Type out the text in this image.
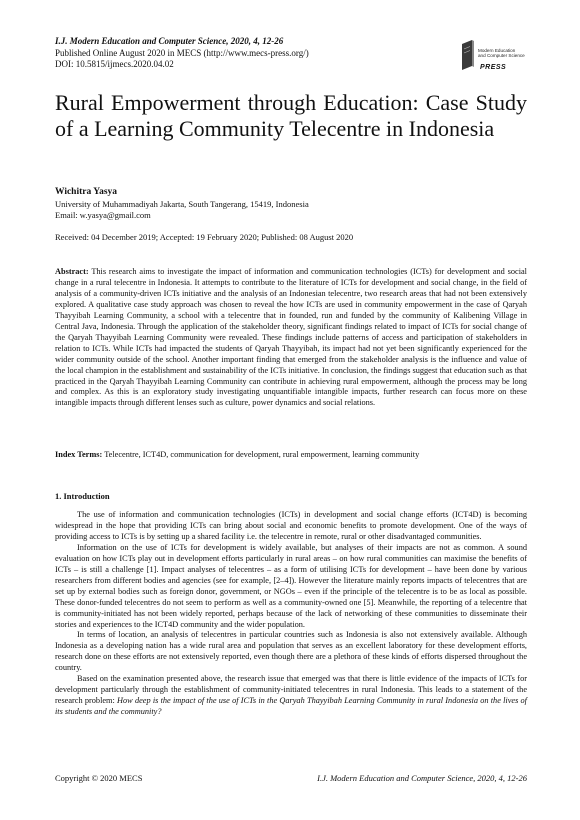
I.J. Modern Education and Computer Science, 2020, 4, 12-26
Published Online August 2020 in MECS (http://www.mecs-press.org/)
DOI: 10.5815/ijmecs.2020.04.02
Modern Education
and Computer Science
PRESS
Rural Empowerment through Education: Case Study of a Learning Community Telecentre in Indonesia
Wichitra Yasya
University of Muhammadiyah Jakarta, South Tangerang, 15419, Indonesia
Email: w.yasya@gmail.com
Received: 04 December 2019; Accepted: 19 February 2020; Published: 08 August 2020
Abstract: This research aims to investigate the impact of information and communication technologies (ICTs) for development and social change in a rural telecentre in Indonesia. It attempts to contribute to the literature of ICTs for development and social change, in the field of analysis of a community-driven ICTs initiative and the analysis of an Indonesian telecentre, two research areas that had not been extensively explored. A qualitative case study approach was chosen to reveal the how ICTs are used in community empowerment in the case of Qaryah Thayyibah Learning Community, a school with a telecentre that in founded, run and funded by the community of Kalibening Village in Central Java, Indonesia. Through the application of the stakeholder theory, significant findings related to impact of ICTs for social change of the Qaryah Thayyibah Learning Community were revealed. These findings include patterns of access and participation of stakeholders in relation to ICTs. While ICTs had impacted the students of Qaryah Thayyibah, its impact had not yet been significantly experienced for the wider community outside of the school. Another important finding that emerged from the stakeholder analysis is the influence and value of the local champion in the establishment and sustainability of the ICTs initiative. In conclusion, the findings suggest that education such as that practiced in the Qaryah Thayyibah Learning Community can contribute in achieving rural empowerment, although the process may be long and complex. As this is an exploratory study investigating unquantifiable intangible impacts, further research can focus more on these intangible impacts through different lenses such as culture, power dynamics and social relations.
Index Terms: Telecentre, ICT4D, communication for development, rural empowerment, learning community
1. Introduction

The use of information and communication technologies (ICTs) in development and social change efforts (ICT4D) is becoming widespread in the hope that providing ICTs can bring about social and economic benefits to promote development. One of the ways of providing access to ICTs is by setting up a shared facility i.e. the telecentre in remote, rural or other disadvantaged communities.

Information on the use of ICTs for development is widely available, but analyses of their impacts are not as common. A sound evaluation on how ICTs play out in development efforts particularly in rural areas – on how rural communities can maximise the benefits of ICTs – is still a challenge [1]. Impact analyses of telecentres – as a form of utilising ICTs for development – have been done by various researchers from different bodies and agencies (see for example, [2–4]). However the literature mainly reports impacts of telecentres that are set up by external bodies such as foreign donor, government, or NGOs – even if the principle of the telecentre is to be as local as possible. These donor-funded telecentres do not seem to perform as well as a community-owned one [5]. Meanwhile, the reporting of a telecentre that is community-initiated has not been widely reported, perhaps because of the lack of networking of these communities to disseminate their stories and experiences to the ICT4D community and the wider population.

In terms of location, an analysis of telecentres in particular countries such as Indonesia is also not extensively available. Although Indonesia as a developing nation has a wide rural area and population that serves as an excellent laboratory for these development efforts, research done on these efforts are not extensively reported, even though there are a plethora of these kinds of efforts dispersed throughout the country.

Based on the examination presented above, the research issue that emerged was that there is little evidence of the impacts of ICTs for development particularly through the establishment of community-initiated telecentres in rural Indonesia. This leads to a statement of the research problem: How deep is the impact of the use of ICTs in the Qaryah Thayyibah Learning Community in rural Indonesia on the lives of its students and the community?

Copyright © 2020 MECS	I.J. Modern Education and Computer Science, 2020, 4, 12-26
